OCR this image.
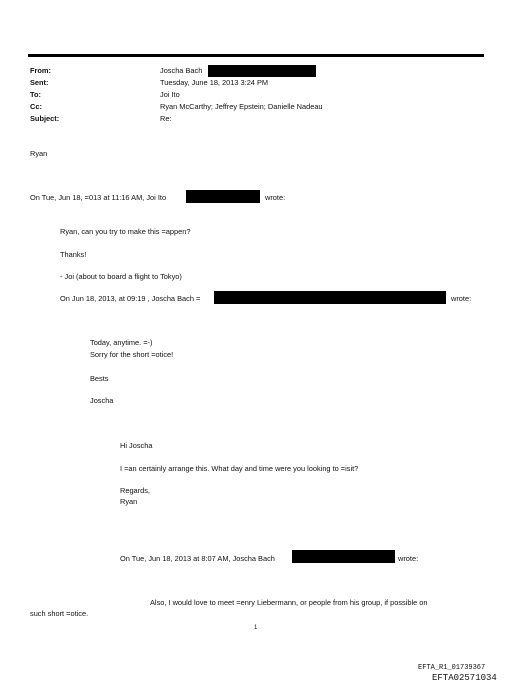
From:	Joscha Bach
Sent:	Tuesday, June 18, 2013 3:24 PM
To:	Joi Ito
Cc:	Ryan McCarthy; Jeffrey Epstein; Danielle Nadeau
Subject:	Re:
Ryan
On Tue, Jun 18, =013 at 11:16 AM, Joi Ito	wrote:
Ryan, can you try to make this =appen?
Thanks!
- Joi (about to board a flight to Tokyo)
On Jun 18, 2013, at 09:19 , Joscha Bach =	wrote:
Today, anytime. =-)
Sorry for the short =otice!
Bests
Joscha
Hi Joscha
I =an certainly arrange this. What day and time were you looking to =isit?
Regards,
Ryan
On Tue, Jun 18, 2013 at 8:07 AM, Joscha Bach	wrote:
Also, I would love to meet =enry Liebermann, or people from his group, if possible on
such short =otice.
1
EFTA_R1_01739367
EFTA02571034
